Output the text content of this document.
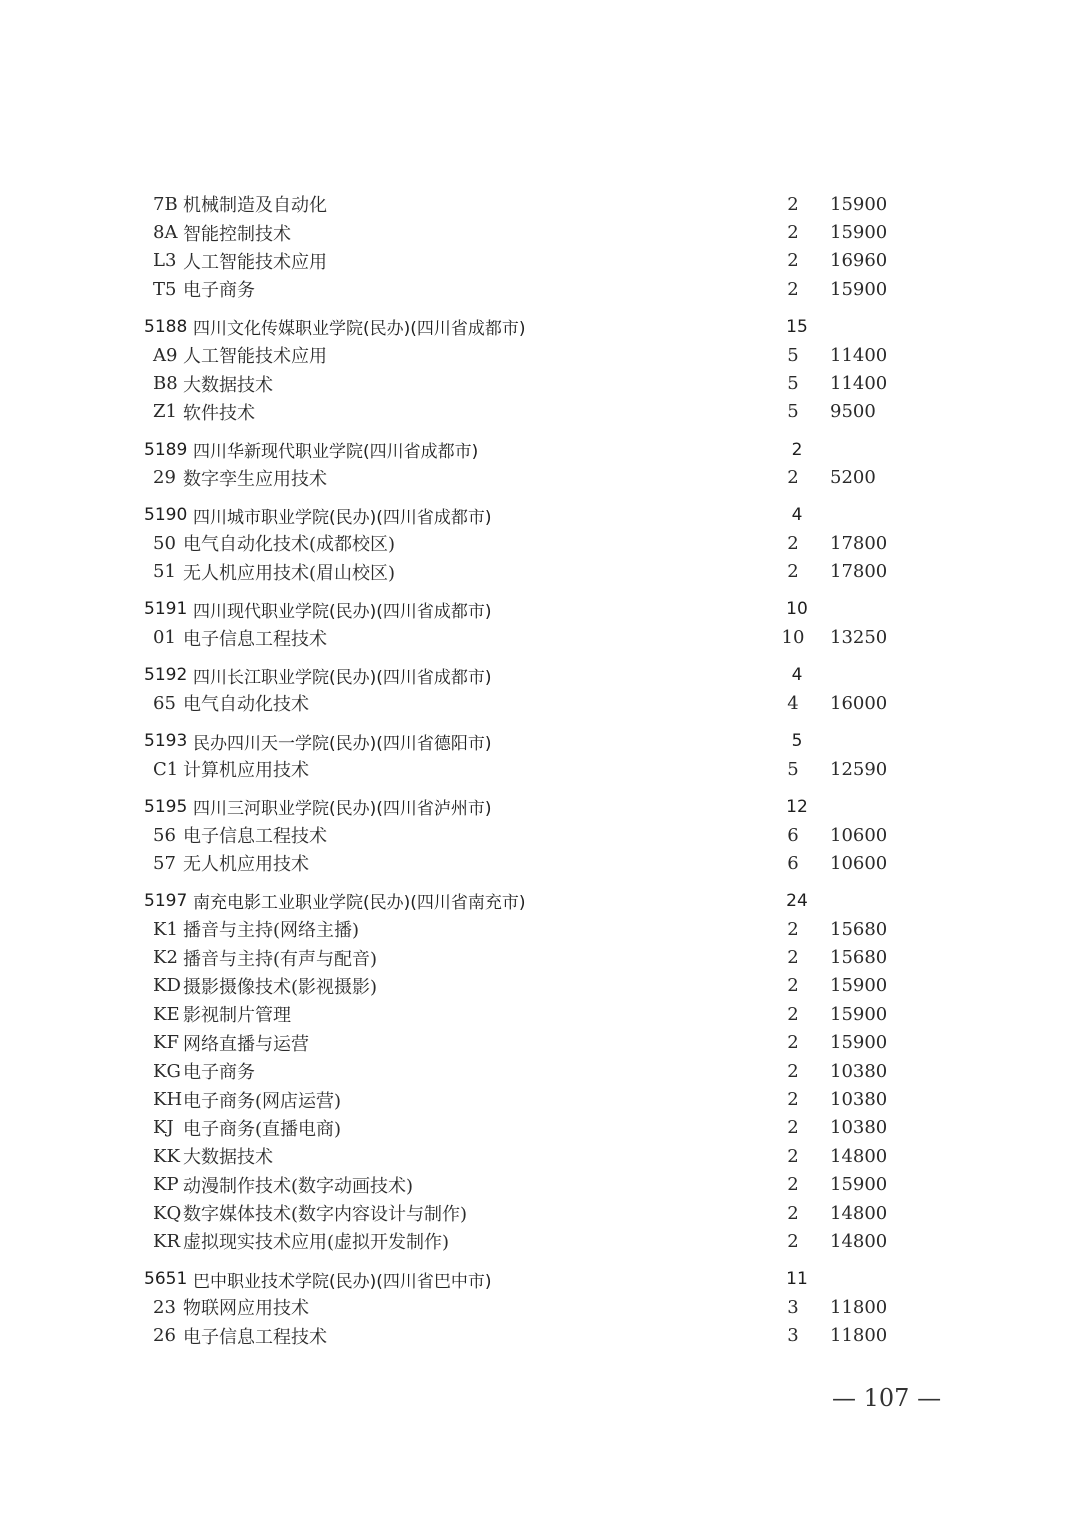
7B 机械制造及自动化	2	15900
8A 智能控制技术	2	15900
L3 人工智能技术应用	2	16960
T5 电子商务	2	15900
5188 四川文化传媒职业学院(民办)(四川省成都市)	15
A9 人工智能技术应用	5	11400
B8 大数据技术	5	11400
Z1 软件技术	5	9500
5189 四川华新现代职业学院(四川省成都市)	2
29 数字孪生应用技术	2	5200
5190 四川城市职业学院(民办)(四川省成都市)	4
50 电气自动化技术(成都校区)	2	17800
51 无人机应用技术(眉山校区)	2	17800
5191 四川现代职业学院(民办)(四川省成都市)	10
01 电子信息工程技术	10	13250
5192 四川长江职业学院(民办)(四川省成都市)	4
65 电气自动化技术	4	16000
5193 民办四川天一学院(民办)(四川省德阳市)	5
C1 计算机应用技术	5	12590
5195 四川三河职业学院(民办)(四川省泸州市)	12
56 电子信息工程技术	6	10600
57 无人机应用技术	6	10600
5197 南充电影工业职业学院(民办)(四川省南充市)	24
K1 播音与主持(网络主播)	2	15680
K2 播音与主持(有声与配音)	2	15680
KD 摄影摄像技术(影视摄影)	2	15900
KE 影视制片管理	2	15900
KF 网络直播与运营	2	15900
KG 电子商务	2	10380
KH 电子商务(网店运营)	2	10380
KJ 电子商务(直播电商)	2	10380
KK 大数据技术	2	14800
KP 动漫制作技术(数字动画技术)	2	15900
KQ 数字媒体技术(数字内容设计与制作)	2	14800
KR 虚拟现实技术应用(虚拟开发制作)	2	14800
5651 巴中职业技术学院(民办)(四川省巴中市)	11
23 物联网应用技术	3	11800
26 电子信息工程技术	3	11800
— 107 —
